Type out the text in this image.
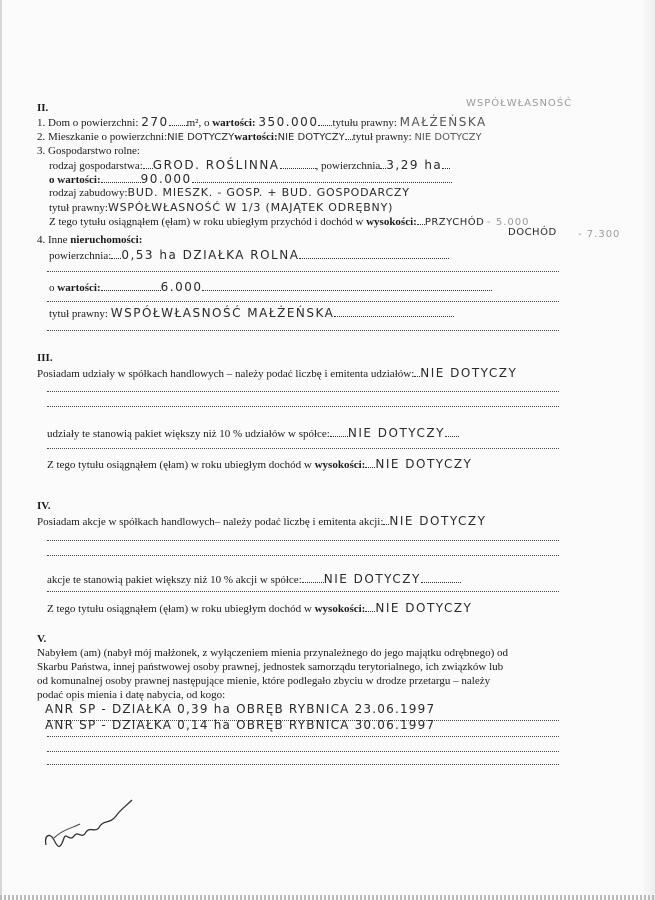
II.	WSPÓŁWŁASNOŚĆ
1. Dom o powierzchni: 270 m², o wartości: 350.000 tytułu prawny: MAŁŻEŃSKA
2. Mieszkanie o powierzchni:NIE DOTYCZYwartości:NIE DOTYCZY tytuł prawny: NIE DOTYCZY
3. Gospodarstwo rolne:
rodzaj gospodarstwa: GROD. ROŚLINNA	, powierzchnia 3,29 ha
o wartości:	90.000
rodzaj zabudowy:BUD. MIESZK. - GOSP. + BUD. GOSPODARCZY
tytuł prawny:WSPÓŁWŁASNOŚĆ W 1/3 (MAJĄTEK ODRĘBNY)
Z tego tytułu osiągnąłem (ęłam) w roku ubiegłym przychód i dochód w wysokości: PRZYCHÓD - 5.000
DOCHÓD - 7.300
4. Inne nieruchomości:
powierzchnia: 0,53 ha DZIAŁKA ROLNA
o wartości:	6.000
tytuł prawny: WSPÓŁWŁASNOŚĆ MAŁŻEŃSKA
III.
Posiadam udziały w spółkach handlowych – należy podać liczbę i emitenta udziałów: NIE DOTYCZY
udziały te stanowią pakiet większy niż 10 % udziałów w spółce: NIE DOTYCZY
Z tego tytułu osiągnąłem (ęłam) w roku ubiegłym dochód w wysokości: NIE DOTYCZY
IV.
Posiadam akcje w spółkach handlowych– należy podać liczbę i emitenta akcji: NIE DOTYCZY
akcje te stanowią pakiet większy niż 10 % akcji w spółce: NIE DOTYCZY
Z tego tytułu osiągnąłem (ęłam) w roku ubiegłym dochód w wysokości: NIE DOTYCZY
V.
Nabyłem (am) (nabył mój małżonek, z wyłączeniem mienia przynależnego do jego majątku odrębnego) od
Skarbu Państwa, innej państwowej osoby prawnej, jednostek samorządu terytorialnego, ich związków lub
od komunalnej osoby prawnej następujące mienie, które podlegało zbyciu w drodze przetargu – należy
podać opis mienia i datę nabycia, od kogo:
ANR SP - DZIAŁKA 0,39 ha OBRĘB RYBNICA 23.06.1997
ANR SP - DZIAŁKA 0,14 ha OBRĘB RYBNICA 30.06.1997
